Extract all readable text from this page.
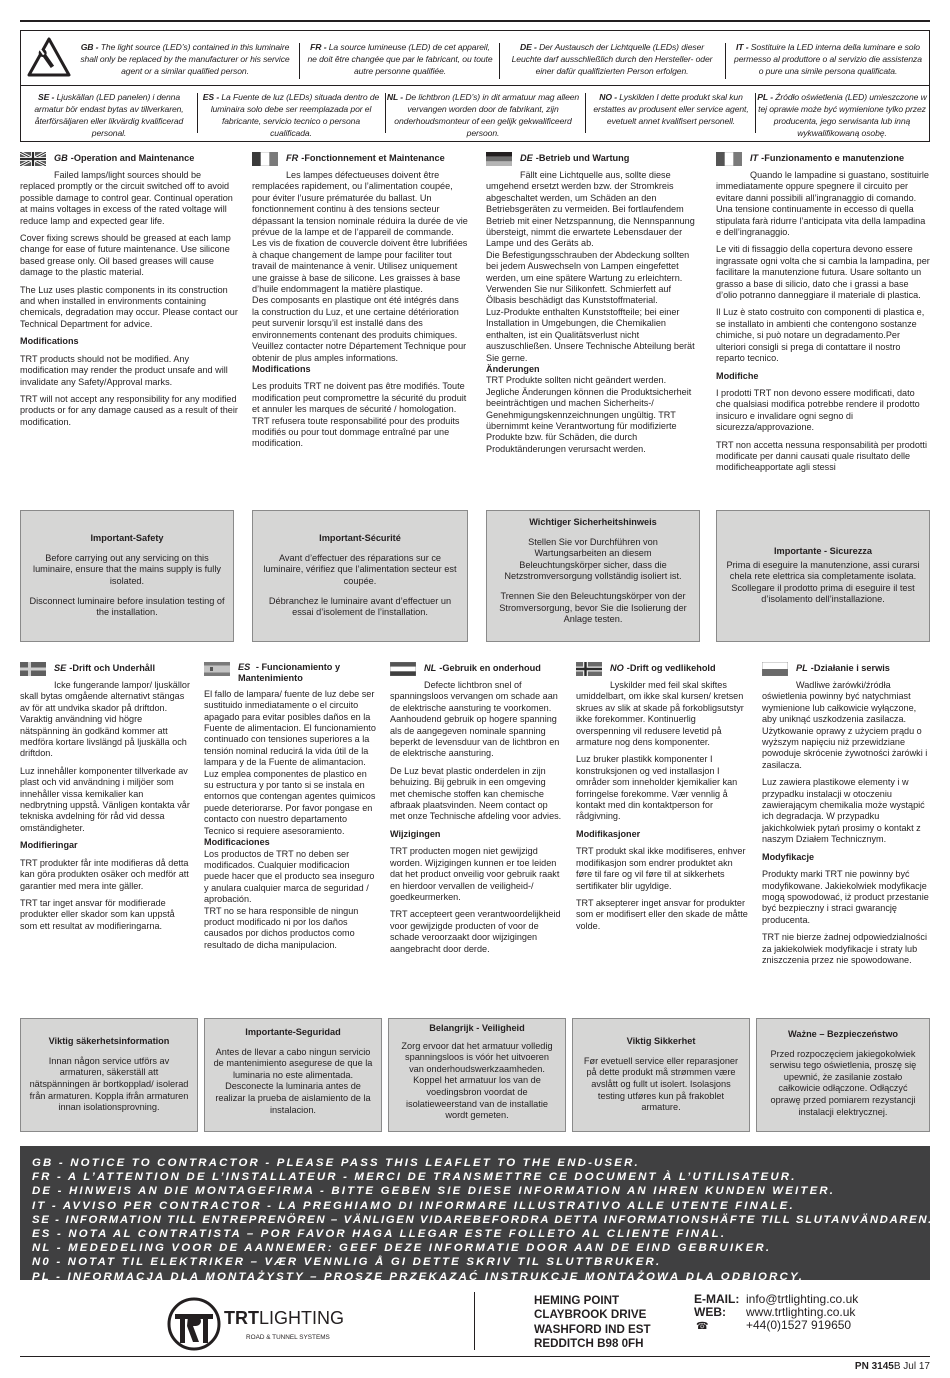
GB - The light source (LED’s) contained in this luminaire shall only be replaced by the manufacturer or his service agent or a similar qualified person.
FR - La source lumineuse (LED) de cet appareil, ne doit être changée que par le fabricant, ou toute autre personne qualifiée.
DE - Der Austausch der Lichtquelle (LEDs) dieser Leuchte darf ausschließlich durch den Hersteller- oder einer dafür qualifizierten Person erfolgen.
IT - Sostituire la LED interna della luminare e solo permesso al produttore o al servizio die assistenza o pure una simile persona qualificata.
SE - Ljuskällan (LED panelen) i denna armatur bör endast bytas av tillverkaren, återförsäljaren eller likvärdig kvalificerad personal.
ES - La Fuente de luz (LEDs) situada dentro de luminaira solo debe ser reemplazada por el fabricante, servicio tecnico o persona cualificada.
NL - De lichtbron (LED’s) in dit armatuur mag alleen vervangen worden door de fabrikant, zijn onderhoudsmonteur of een gelijk gekwalificeerd persoon.
NO - Lyskilden I dette produkt skal kun erstattes av produsent eller service agent, evetuelt annet kvalifisert personell.
PL - Źródło oświetlenia (LED) umieszczone w tej oprawie może być wymienione tylko przez producenta, jego serwisanta lub inną wykwalifikowaną osobę.
GB - Operation and Maintenance

Failed lamps/light sources should be replaced promptly or the circuit switched off to avoid possible damage to control gear. Continual operation at mains voltages in excess of the rated voltage will reduce lamp and expected gear life.

Cover fixing screws should be greased at each lamp change for ease of future maintenance. Use silicone based grease only. Oil based greases will cause damage to the plastic material.

The Luz uses plastic components in its construction and when installed in environments containing chemicals, degradation may occur. Please contact our Technical Department for advice.

Modifications

TRT products should not be modified. Any modification may render the product unsafe and will invalidate any Safety/Approval marks.

TRT will not accept any responsibility for any modified products or for any damage caused as a result of their modification.

FR - Fonctionnement et Maintenance

Les lampes défectueuses doivent être remplacées rapidement, ou l’alimentation coupée, pour éviter l’usure prématurée du ballast. Un fonctionnement continu à des tensions secteur dépassant la tension nominale réduira la durée de vie prévue de la lampe et de l’appareil de commande.
Les vis de fixation de couvercle doivent être lubrifiées à chaque changement de lampe pour faciliter tout travail de maintenance à venir. Utilisez uniquement une graisse à base de silicone. Les graisses à base d’huile endommagent la matière plastique.
Des composants en plastique ont été intégrés dans la construction du Luz, et une certaine détérioration peut survenir lorsqu’il est installé dans des environnements contenant des produits chimiques. Veuillez contacter notre Département Technique pour obtenir de plus amples informations.

Modifications

Les produits TRT ne doivent pas être modifiés. Toute modification peut compromettre la sécurité du produit et annuler les marques de sécurité / homologation. TRT refusera toute responsabilité pour des produits modifiés ou pour tout dommage entraîné par une modification.

DE - Betrieb und Wartung

Fällt eine Lichtquelle aus, sollte diese umgehend ersetzt werden bzw. der Stromkreis abgeschaltet werden, um Schäden an den Betriebsgeräten zu vermeiden. Bei fortlaufendem Betrieb mit einer Netzspannung, die Nennspannung übersteigt, nimmt die erwartete Lebensdauer der Lampe und des Geräts ab.
Die Befestigungsschrauben der Abdeckung sollten bei jedem Auswechseln von Lampen eingefettet werden, um eine spätere Wartung zu erleichtern. Verwenden Sie nur Silikonfett. Schmierfett auf Ölbasis beschädigt das Kunststoffmaterial.
Luz-Produkte enthalten Kunststoffteile; bei einer Installation in Umgebungen, die Chemikalien enthalten, ist ein Qualitätsverlust nicht auszuschließen. Unsere Technische Abteilung berät Sie gerne.

Änderungen

TRT Produkte sollten nicht geändert werden. Jegliche Änderungen können die Produktsicherheit beeinträchtigen und machen Sicherheits-/ Genehmigungskennzeichnungen ungültig. TRT übernimmt keine Verantwortung für modifizierte Produkte bzw. für Schäden, die durch Produktänderungen verursacht werden.

IT - Funzionamento e manutenzione

Quando le lampadine si guastano, sostituirle immediatamente oppure spegnere il circuito per evitare danni possibili all’ingranaggio di comando. Una tensione continuamente in eccesso di quella stipulata farà ridurre l’anticipata vita della lampadina e dell’ingranaggio.

Le viti di fissaggio della copertura devono essere ingrassate ogni volta che si cambia la lampadina, per facilitare la manutenzione futura. Usare soltanto un grasso a base di silicio, dato che i grassi a base d’olio potranno danneggiare il materiale di plastica.

Il Luz è stato costruito con componenti di plastica e, se installato in ambienti che contengono sostanze chimiche, si può notare un degradamento.Per ulteriori consigli si prega di contattare il nostro reparto tecnico.

Modifiche

I prodotti TRT non devono essere modificati, dato che qualsiasi modifica potrebbe rendere il prodotto insicuro e invalidare ogni segno di sicurezza/approvazione.

TRT non accetta nessuna responsabilità per prodotti modificate per danni causati quale risultato delle modificheapportate agli stessi

Important-Safety
Before carrying out any servicing on this luminaire, ensure that the mains supply is fully isolated.
Disconnect luminaire before insulation testing of the installation.
Important-Sécurité
Avant d’effectuer des réparations sur ce luminaire, vérifiez que l’alimentation secteur est coupée.
Débranchez le luminaire avant d’effectuer un essai d’isolement de l’installation.
Wichtiger Sicherheitshinweis
Stellen Sie vor Durchführen von Wartungsarbeiten an diesem Beleuchtungskörper sicher, dass die Netzstromversorgung vollständig isoliert ist.
Trennen Sie den Beleuchtungskörper von der Stromversorgung, bevor Sie die Isolierung der Anlage testen.
Importante - Sicurezza
Prima di eseguire la manutenzione, assi curarsi chela rete elettrica sia completamente isolata. Scollegare il prodotto prima di eseguire il test d’isolamento dell’installazione.
SE - Drift och Underhåll

Icke fungerande lampor/ ljuskällor skall bytas omgående alternativt stängas av för att undvika skador på driftdon. Varaktig användning vid högre nätspänning än godkänd kommer att medföra kortare livslängd på ljuskälla och driftdon.

Luz innehåller komponenter tillverkade av plast och vid användning i miljöer som innehåller vissa kemikalier kan nedbrytning uppstå. Vänligen kontakta vår tekniska avdelning för råd vid dessa omständigheter.

Modifieringar

TRT produkter får inte modifieras då detta kan göra produkten osäker och medför att garantier med mera inte gäller.

TRT tar inget ansvar för modifierade produkter eller skador som kan uppstå som ett resultat av modifieringarna.

ES - Funcionamiento y Mantenimiento

El fallo de lampara/ fuente de luz debe ser sustituido inmediatamente o el circuito apagado para evitar posibles daños en la Fuente de alimentacion. El funcionamiento continuado con tensiones superiores a la tensión nominal reducirá la vida útil de la lampara y de la Fuente de alimantacion.
Luz emplea componentes de plastico en su estructura y por tanto si se instala en entornos que contengan agentes quimicos puede deteriorarse. Por favor pongase en contacto con nuestro departamento Tecnico si requiere asesoramiento.

Modificaciones

Los productos de TRT no deben ser modificados. Cualquier modificacion puede hacer que el producto sea inseguro y anulara cualquier marca de seguridad / aprobación.
TRT no se hara responsible de ningun product modificado ni por los daños causados por dichos productos como resultado de dicha manipulacion.

NL - Gebruik en onderhoud

Defecte lichtbron snel of spanningsloos vervangen om schade aan de elektrische aansturing te voorkomen. Aanhoudend gebruik op hogere spanning als de aangegeven nominale spanning beperkt de levensduur van de lichtbron en de elektrische aansturing.

De Luz bevat plastic onderdelen in zijn behuizing. Bij gebruik in een omgeving met chemische stoffen kan chemische afbraak plaatsvinden. Neem contact op met onze Technische afdeling voor advies.

Wijzigingen

TRT producten mogen niet gewijzigd worden. Wijzigingen kunnen er toe leiden dat het product onveilig voor gebruik raakt en hierdoor vervallen de veiligheid-/ goedkeurmerken.

TRT accepteert geen verantwoordelijkheid voor gewijzigde producten of voor de schade veroorzaakt door wijzigingen aangebracht door derde.

NO - Drift og vedlikehold

Lyskilder med feil skal skiftes umiddelbart, om ikke skal kursen/ kretsen skrues av slik at skade på forkobligsutstyr ikke forekommer. Kontinuerlig overspenning vil redusere levetid på armature nog dens komponenter.

Luz bruker plastikk komponenter I konstruksjonen og ved installasjon I områder som inneholder kjemikalier kan forringelse forekomme. Vær vennlig å kontakt med din kontaktperson for rådgivning.

Modifikasjoner

TRT produkt skal ikke modifiseres, enhver modifikasjon som endrer produktet akn føre til fare og vil føre til at sikkerhets sertifikater blir ugyldige.

TRT aksepterer inget ansvar for produkter som er modifisert eller den skade de måtte volde.

PL - Działanie i serwis

Wadliwe żarówki/źródła oświetlenia powinny być natychmiast wymienione lub całkowicie wyłączone, aby uniknąć uszkodzenia zasilacza. Użytkowanie oprawy z użyciem prądu o wyższym napięciu niż przewidziane powoduje skrócenie żywotności żarówki i zasilacza.

Luz zawiera plastikowe elementy i w przypadku instalacji w otoczeniu zawierającym chemikalia może wystąpić ich degradacja. W przypadku jakichkolwiek pytań prosimy o kontakt z naszym Działem Technicznym.

Modyfikacje

Produkty marki TRT nie powinny być modyfikowane. Jakiekolwiek modyfikacje mogą spowodować, iż product przestanie być bezpieczny i straci gwarancję producenta.

TRT nie bierze żadnej odpowiedzialności za jakiekolwiek modyfikacje i straty lub zniszczenia przez nie spowodowane.

Viktig säkerhetsinformation
Innan någon service utförs av armaturen, säkerställ att nätspänningen är bortkopplad/ isolerad från armaturen. Koppla ifrån armaturen innan isolationsprovning.
Importante-Seguridad
Antes de llevar a cabo ningun servicio de mantenimiento asegurese de que la luminaria no este alimentada. Desconecte la luminaria antes de realizar la prueba de aislamiento de la instalacion.
Belangrijk - Veiligheid
Zorg ervoor dat het armatuur volledig spanningsloos is vóór het uitvoeren van onderhoudswerkzaamheden. Koppel het armatuur los van de voedingsbron voordat de isolatieweerstand van de installatie wordt gemeten.
Viktig Sikkerhet
Før evetuell service eller reparasjoner på dette produkt må strømmen være avslått og fullt ut isolert. Isolasjons testing utføres kun på frakoblet armature.
Ważne – Bezpieczeństwo
Przed rozpoczęciem jakiegokolwiek serwisu tego oświetlenia, proszę się upewnić, że zasilanie zostało całkowicie odłączone. Odłączyć oprawę przed pomiarem rezystancji instalacji elektrycznej.
GB - NOTICE TO CONTRACTOR - PLEASE PASS THIS LEAFLET TO THE END-USER.
FR - A L’ATTENTION DE L’INSTALLATEUR - MERCI DE TRANSMETTRE CE DOCUMENT À L’UTILISATEUR.
DE - HINWEIS AN DIE MONTAGEFIRMA - BITTE GEBEN SIE DIESE INFORMATION AN IHREN KUNDEN WEITER.
IT - AVVISO PER CONTRACTOR - LA PREGHIAMO DI INFORMARE ILLUSTRATIVO ALLE UTENTE FINALE.
SE - INFORMATION TILL ENTREPRENÖREN – VÄNLIGEN VIDAREBEFORDRA DETTA INFORMATIONSHÄFTE TILL SLUTANVÄNDAREN.
ES - NOTA AL CONTRATISTA – POR FAVOR HAGA LLEGAR ESTE FOLLETO AL CLIENTE FINAL.
NL - MEDEDELING VOOR DE AANNEMER: GEEF DEZE INFORMATIE DOOR AAN DE EIND GEBRUIKER.
N0 - NOTAT TIL ELEKTRIKER – VÆR VENNLIG Å GI DETTE SKRIV TIL SLUTTBRUKER.
PL - INFORMACJA DLA MONTAŻYSTY – PROSZĘ PRZEKAZAĆ INSTRUKCJĘ MONTAŻOWĄ DLA ODBIORCY.
TRTLIGHTING
ROAD & TUNNEL SYSTEMS
HEMING POINT
CLAYBROOK DRIVE
WASHFORD IND EST
REDDITCH B98 0FH
E-MAIL: info@trtlighting.co.uk
WEB: www.trtlighting.co.uk
☎	+44(0)1527 919650
PN 3145B Jul 17
